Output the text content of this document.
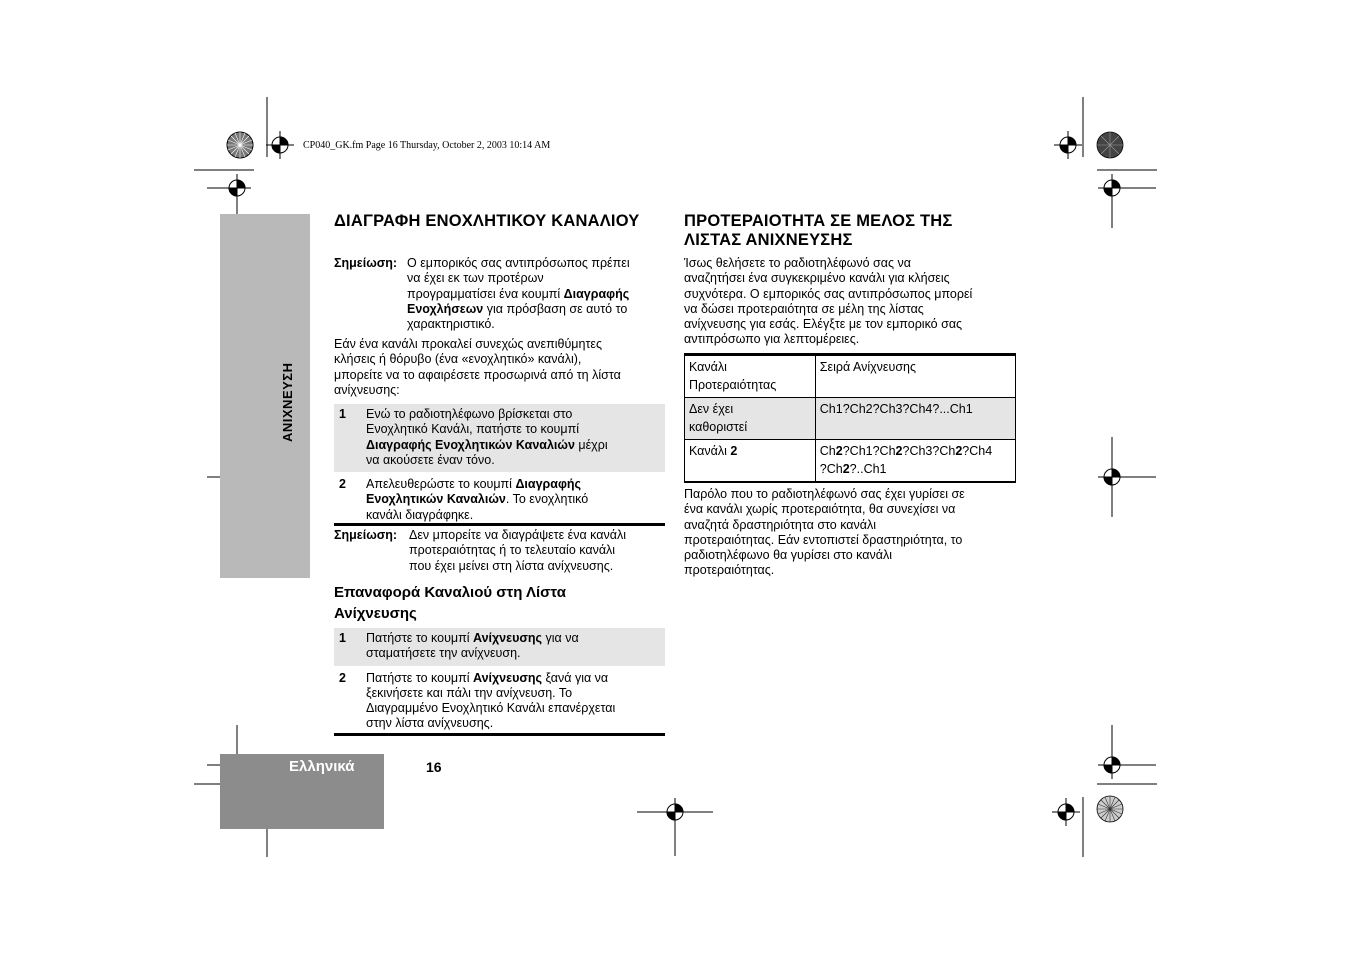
CP040_GK.fm Page 16 Thursday, October 2, 2003 10:14 AM
ΑΝΙΧΝΕΥΣΗ
Ελληνικά	16
ΔΙΑΓΡΑΦΗ ΕΝΟΧΛΗΤΙΚΟΥ ΚΑΝΑΛΙΟΥ
Σημείωση: Ο εμπορικός σας αντιπρόσωπος πρέπει
να έχει εκ των προτέρων
προγραμματίσει ένα κουμπί Διαγραφής
Ενοχλήσεων για πρόσβαση σε αυτό το
χαρακτηριστικό.
Εάν ένα κανάλι προκαλεί συνεχώς ανεπιθύμητες
κλήσεις ή θόρυβο (ένα «ενοχλητικό» κανάλι),
μπορείτε να το αφαιρέσετε προσωρινά από τη λίστα
ανίχνευσης:
1 Ενώ το ραδιοτηλέφωνο βρίσκεται στο
Ενοχλητικό Κανάλι, πατήστε το κουμπί
Διαγραφής Ενοχλητικών Καναλιών μέχρι
να ακούσετε έναν τόνο.
2 Απελευθερώστε το κουμπί Διαγραφής
Ενοχλητικών Καναλιών. Το ενοχλητικό
κανάλι διαγράφηκε.
Σημείωση: Δεν μπορείτε να διαγράψετε ένα κανάλι
προτεραιότητας ή το τελευταίο κανάλι
που έχει μείνει στη λίστα ανίχνευσης.
Επαναφορά Καναλιού στη Λίστα
Ανίχνευσης
1 Πατήστε το κουμπί Ανίχνευσης για να
σταματήσετε την ανίχνευση.
2 Πατήστε το κουμπί Ανίχνευσης ξανά για να
ξεκινήσετε και πάλι την ανίχνευση. Το
Διαγραμμένο Ενοχλητικό Κανάλι επανέρχεται
στην λίστα ανίχνευσης.
ΠΡΟΤΕΡΑΙΟΤΗΤΑ ΣΕ ΜΕΛΟΣ ΤΗΣ
ΛΙΣΤΑΣ ΑΝΙΧΝΕΥΣΗΣ
Ίσως θελήσετε το ραδιοτηλέφωνό σας να
αναζητήσει ένα συγκεκριμένο κανάλι για κλήσεις
συχνότερα. Ο εμπορικός σας αντιπρόσωπος μπορεί
να δώσει προτεραιότητα σε μέλη της λίστας
ανίχνευσης για εσάς. Ελέγξτε με τον εμπορικό σας
αντιπρόσωπο για λεπτομέρειες.
Κανάλι
Προτεραιότητας	Σειρά Ανίχνευσης

Δεν έχει
καθοριστεί	Ch1?Ch2?Ch3?Ch4?...Ch1
Κανάλι 2	Ch2?Ch1?Ch2?Ch3?Ch2?Ch4
?Ch2?..Ch1
Παρόλο που το ραδιοτηλέφωνό σας έχει γυρίσει σε
ένα κανάλι χωρίς προτεραιότητα, θα συνεχίσει να
αναζητά δραστηριότητα στο κανάλι
προτεραιότητας. Εάν εντοπιστεί δραστηριότητα, το
ραδιοτηλέφωνο θα γυρίσει στο κανάλι
προτεραιότητας.
